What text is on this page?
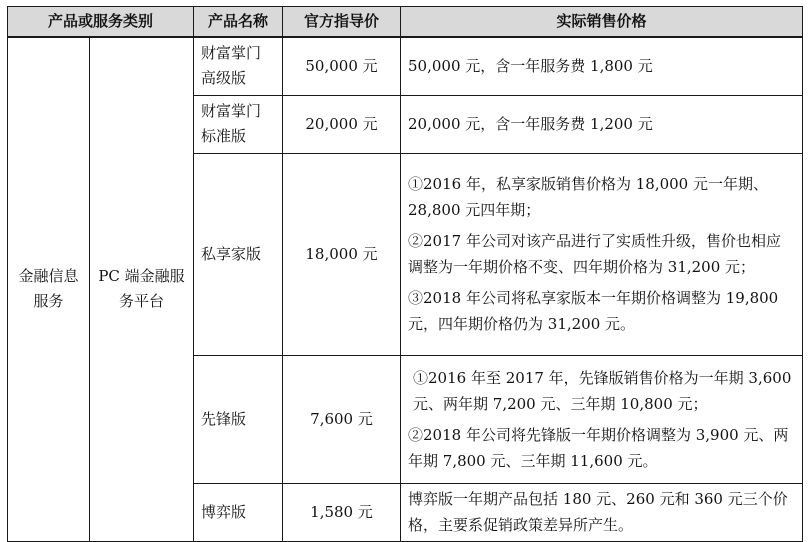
产品或服务类别		产品名称	官方指导价	实际销售价格
金融信息服务	PC 端金融服务平台	财富掌门高级版	50,000 元	50,000 元，含一年服务费 1,800 元

		财富掌门标准版	20,000 元	20,000 元，含一年服务费 1,200 元

		私享家版	18,000 元	①2016 年，私享家版销售价格为 18,000 元一年期、28,800 元四年期；

②2017 年公司对该产品进行了实质性升级，售价也相应调整为一年期价格不变、四年期价格为 31,200 元；

③2018 年公司将私享家版本一年期价格调整为 19,800 元，四年期价格仍为 31,200 元。

		先锋版	7,600 元	①2016 年至 2017 年，先锋版销售价格为一年期 3,600 元、两年期 7,200 元、三年期 10,800 元；

②2018 年公司将先锋版一年期价格调整为 3,900 元、两年期 7,800 元、三年期 11,600 元。

		博弈版	1,580 元	博弈版一年期产品包括 180 元、260 元和 360 元三个价格，主要系促销政策差异所产生。
